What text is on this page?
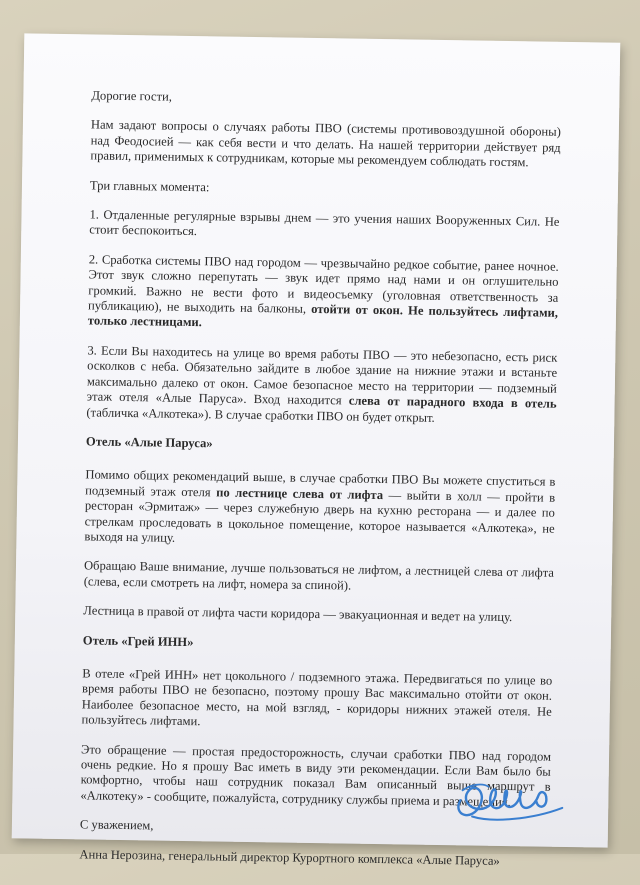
Дорогие гости,

Нам задают вопросы о случаях работы ПВО (системы противовоздушной обороны) над Феодосией — как себя вести и что делать. На нашей территории действует ряд правил, применимых к сотрудникам, которые мы рекомендуем соблюдать гостям.

Три главных момента:

1. Отдаленные регулярные взрывы днем — это учения наших Вооруженных Сил. Не стоит беспокоиться.

2. Сработка системы ПВО над городом — чрезвычайно редкое событие, ранее ночное. Этот звук сложно перепутать — звук идет прямо над нами и он оглушительно громкий. Важно не вести фото и видеосъемку (уголовная ответственность за публикацию), не выходить на балконы, отойти от окон. Не пользуйтесь лифтами, только лестницами.

3. Если Вы находитесь на улице во время работы ПВО — это небезопасно, есть риск осколков с неба. Обязательно зайдите в любое здание на нижние этажи и встаньте максимально далеко от окон. Самое безопасное место на территории — подземный этаж отеля «Алые Паруса». Вход находится слева от парадного входа в отель (табличка «Алкотека»). В случае сработки ПВО он будет открыт.

Отель «Алые Паруса»

Помимо общих рекомендаций выше, в случае сработки ПВО Вы можете спуститься в подземный этаж отеля по лестнице слева от лифта — выйти в холл — пройти в ресторан «Эрмитаж» — через служебную дверь на кухню ресторана — и далее по стрелкам проследовать в цокольное помещение, которое называется «Алкотека», не выходя на улицу.

Обращаю Ваше внимание, лучше пользоваться не лифтом, а лестницей слева от лифта (слева, если смотреть на лифт, номера за спиной).

Лестница в правой от лифта части коридора — эвакуационная и ведет на улицу.

Отель «Грей ИНН»

В отеле «Грей ИНН» нет цокольного / подземного этажа. Передвигаться по улице во время работы ПВО не безопасно, поэтому прошу Вас максимально отойти от окон. Наиболее безопасное место, на мой взгляд, - коридоры нижних этажей отеля. Не пользуйтесь лифтами.

Это обращение — простая предосторожность, случаи сработки ПВО над городом очень редкие. Но я прошу Вас иметь в виду эти рекомендации. Если Вам было бы комфортно, чтобы наш сотрудник показал Вам описанный выше маршрут в «Алкотеку» - сообщите, пожалуйста, сотруднику службы приема и размещения.

С уважением,

Анна Нерозина, генеральный директор Курортного комплекса «Алые Паруса»
